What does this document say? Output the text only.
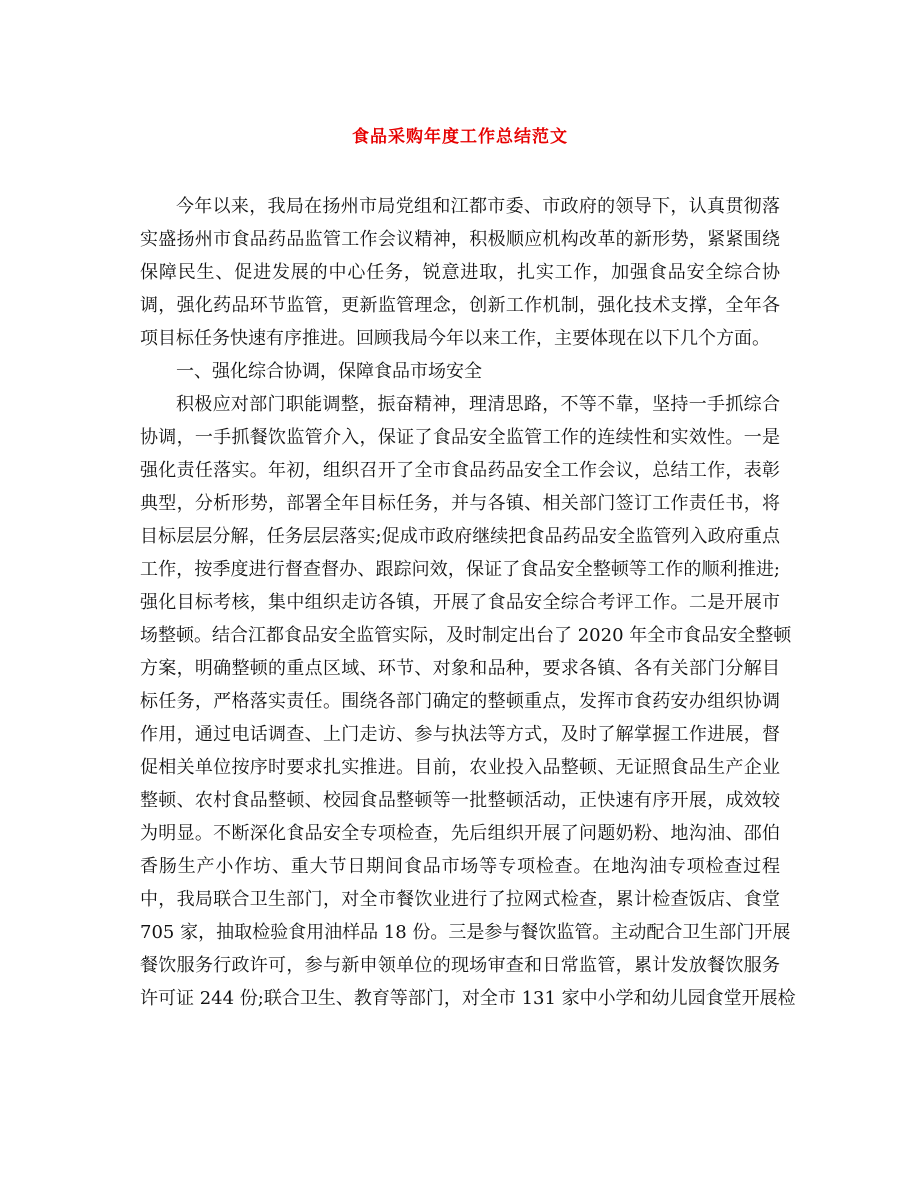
食品采购年度工作总结范文
今年以来，我局在扬州市局党组和江都市委、市政府的领导下，认真贯彻落
实盛扬州市食品药品监管工作会议精神，积极顺应机构改革的新形势，紧紧围绕
保障民生、促进发展的中心任务，锐意进取，扎实工作，加强食品安全综合协
调，强化药品环节监管，更新监管理念，创新工作机制，强化技术支撑，全年各
项目标任务快速有序推进。回顾我局今年以来工作，主要体现在以下几个方面。
一、强化综合协调，保障食品市场安全
积极应对部门职能调整，振奋精神，理清思路，不等不靠，坚持一手抓综合
协调，一手抓餐饮监管介入，保证了食品安全监管工作的连续性和实效性。一是
强化责任落实。年初，组织召开了全市食品药品安全工作会议，总结工作，表彰
典型，分析形势，部署全年目标任务，并与各镇、相关部门签订工作责任书，将
目标层层分解，任务层层落实;促成市政府继续把食品药品安全监管列入政府重点
工作，按季度进行督查督办、跟踪问效，保证了食品安全整顿等工作的顺利推进;
强化目标考核，集中组织走访各镇，开展了食品安全综合考评工作。二是开展市
场整顿。结合江都食品安全监管实际，及时制定出台了 2020 年全市食品安全整顿
方案，明确整顿的重点区域、环节、对象和品种，要求各镇、各有关部门分解目
标任务，严格落实责任。围绕各部门确定的整顿重点，发挥市食药安办组织协调
作用，通过电话调查、上门走访、参与执法等方式，及时了解掌握工作进展，督
促相关单位按序时要求扎实推进。目前，农业投入品整顿、无证照食品生产企业
整顿、农村食品整顿、校园食品整顿等一批整顿活动，正快速有序开展，成效较
为明显。不断深化食品安全专项检查，先后组织开展了问题奶粉、地沟油、邵伯
香肠生产小作坊、重大节日期间食品市场等专项检查。在地沟油专项检查过程
中，我局联合卫生部门，对全市餐饮业进行了拉网式检查，累计检查饭店、食堂
705 家，抽取检验食用油样品 18 份。三是参与餐饮监管。主动配合卫生部门开展
餐饮服务行政许可，参与新申领单位的现场审查和日常监管，累计发放餐饮服务
许可证 244 份;联合卫生、教育等部门，对全市 131 家中小学和幼儿园食堂开展检
